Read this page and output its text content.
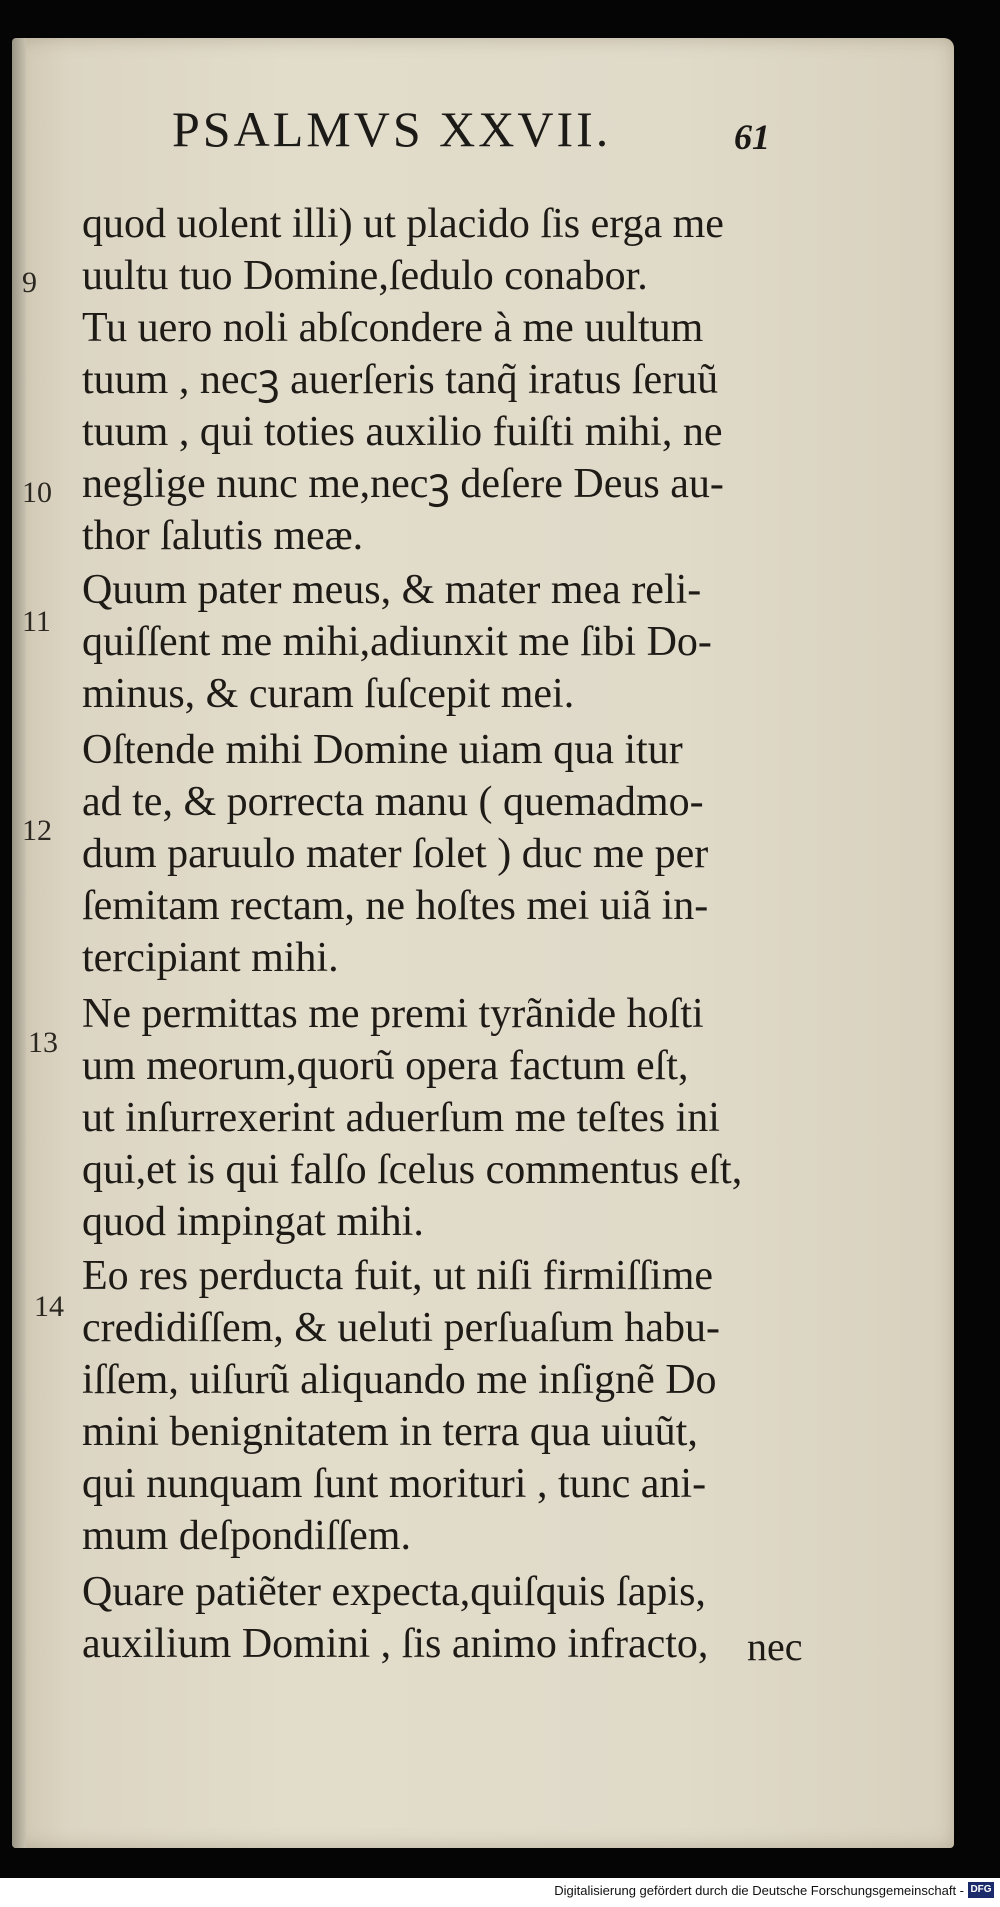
PSALMVS XXVII.	61
9
10
11
12
13
14
quod uolent illi) ut placido ſis erga me
uultu tuo Domine,ſedulo conabor.
Tu uero noli abſcondere à me uultum
tuum , necꝫ auerſeris tanq̃ iratus ſeruũ
tuum , qui toties auxilio fuiſti mihi, ne
neglige nunc me,necꝫ deſere Deus au-
thor ſalutis meæ.
Quum pater meus, & mater mea reli-
quiſſent me mihi,adiunxit me ſibi Do-
minus, & curam ſuſcepit mei.
Oſtende mihi Domine uiam qua itur
ad te, & porrecta manu ( quemadmo-
dum paruulo mater ſolet ) duc me per
ſemitam rectam, ne hoſtes mei uiã in-
tercipiant mihi.
Ne permittas me premi tyrãnide hoſti
um meorum,quorũ opera factum eſt,
ut inſurrexerint aduerſum me teſtes ini
qui,et is qui falſo ſcelus commentus eſt,
quod impingat mihi.
Eo res perducta fuit, ut niſi firmiſſime
credidiſſem, & ueluti perſuaſum habu-
iſſem, uiſurũ aliquando me inſignẽ Do
mini benignitatem in terra qua uiuũt,
qui nunquam ſunt morituri , tunc ani-
mum deſpondiſſem.
Quare patiẽter expecta,quiſquis ſapis,
auxilium Domini , ſis animo infracto, nec
Digitalisierung gefördert durch die Deutsche Forschungsgemeinschaft - DFG
